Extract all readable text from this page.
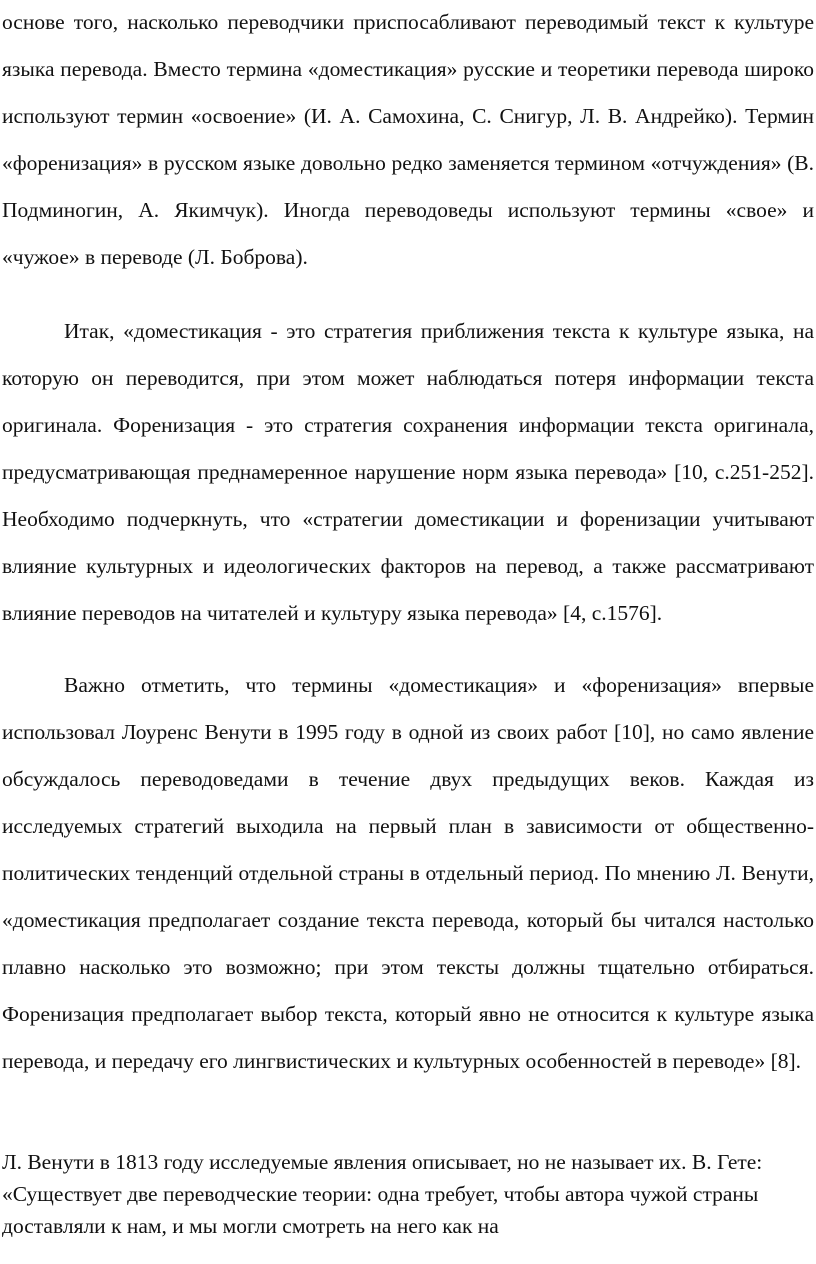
основе того, насколько переводчики приспосабливают переводимый текст к культуре языка перевода. Вместо термина «доместикация» русские и теоретики перевода широко используют термин «освоение» (И. А. Самохина, С. Снигур, Л. В. Андрейко). Термин «форенизация» в русском языке довольно редко заменяется термином «отчуждения» (В. Подминогин, А. Якимчук). Иногда переводоведы используют термины «свое» и «чужое» в переводе (Л. Боброва).

Итак, «доместикация - это стратегия приближения текста к культуре языка, на которую он переводится, при этом может наблюдаться потеря информации текста оригинала. Форенизация - это стратегия сохранения информации текста оригинала, предусматривающая преднамеренное нарушение норм языка перевода» [10, с.251-252]. Необходимо подчеркнуть, что «стратегии доместикации и форенизации учитывают влияние культурных и идеологических факторов на перевод, а также рассматривают влияние переводов на читателей и культуру языка перевода» [4, с.1576].

Важно отметить, что термины «доместикация» и «форенизация» впервые использовал Лоуренс Венути в 1995 году в одной из своих работ [10], но само явление обсуждалось переводоведами в течение двух предыдущих веков. Каждая из исследуемых стратегий выходила на первый план в зависимости от общественно-политических тенденций отдельной страны в отдельный период. По мнению Л. Венути, «доместикация предполагает создание текста перевода, который бы читался настолько плавно насколько это возможно; при этом тексты должны тщательно отбираться. Форенизация предполагает выбор текста, который явно не относится к культуре языка перевода, и передачу его лингвистических и культурных особенностей в переводе» [8].

Л. Венути в 1813 году исследуемые явления описывает, но не называет их. В. Гете: «Существует две переводческие теории: одна требует, чтобы автора чужой страны доставляли к нам, и мы могли смотреть на него как на
